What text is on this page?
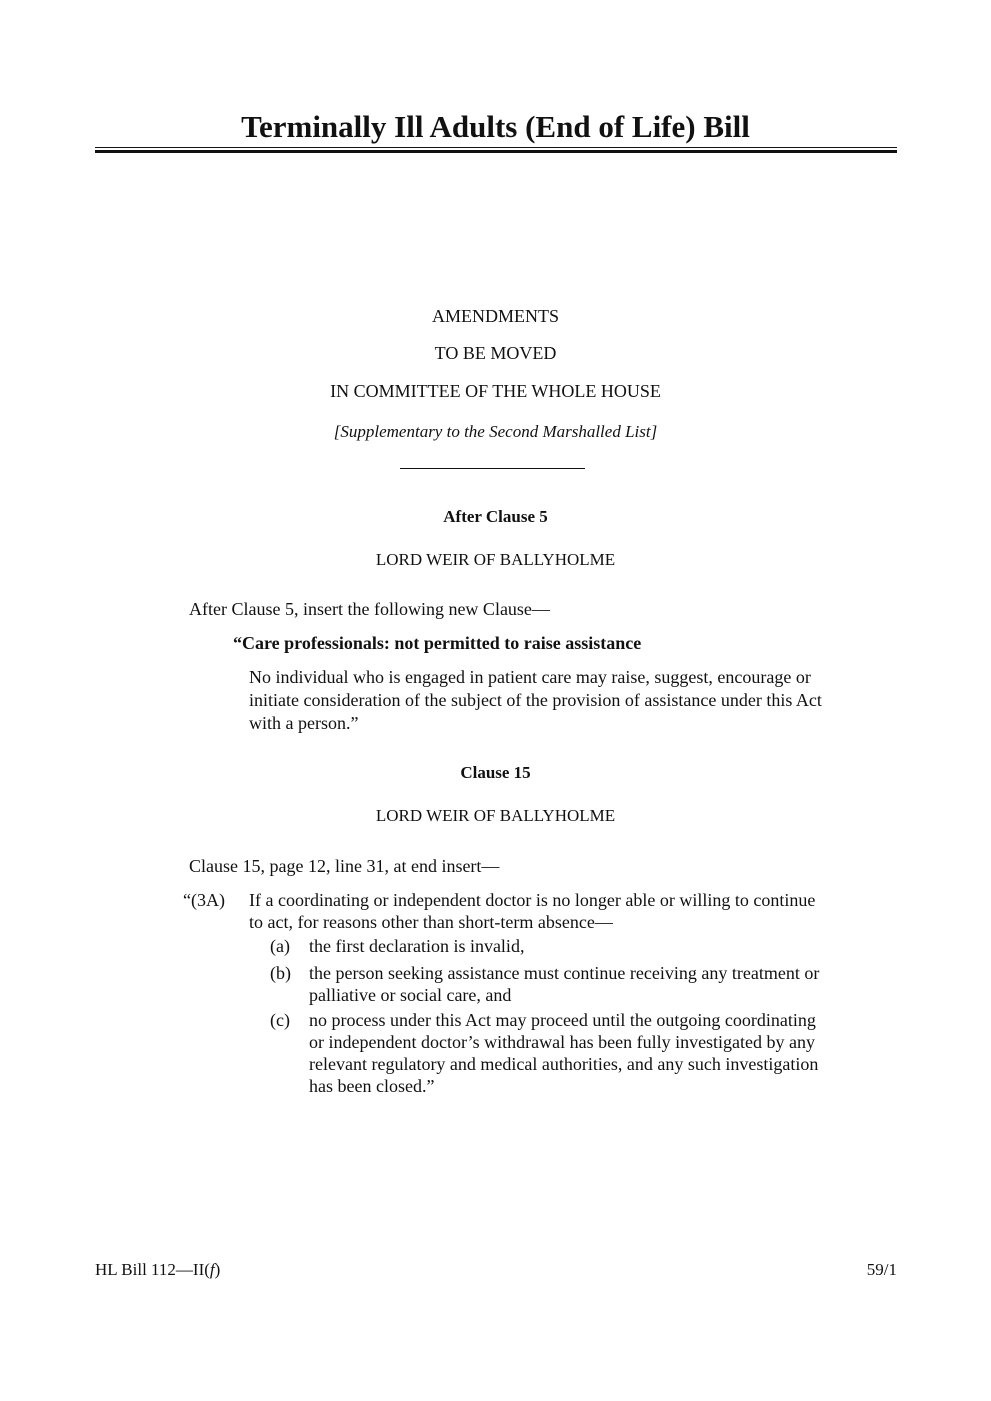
Terminally Ill Adults (End of Life) Bill
AMENDMENTS
TO BE MOVED
IN COMMITTEE OF THE WHOLE HOUSE
[Supplementary to the Second Marshalled List]
After Clause 5
LORD WEIR OF BALLYHOLME
After Clause 5, insert the following new Clause—
“Care professionals: not permitted to raise assistance
No individual who is engaged in patient care may raise, suggest, encourage or
initiate consideration of the subject of the provision of assistance under this Act
with a person.”
Clause 15
LORD WEIR OF BALLYHOLME
Clause 15, page 12, line 31, at end insert—
“(3A) If a coordinating or independent doctor is no longer able or willing to continue
to act, for reasons other than short-term absence—
(a) the first declaration is invalid,
(b) the person seeking assistance must continue receiving any treatment or
palliative or social care, and
(c) no process under this Act may proceed until the outgoing coordinating
or independent doctor’s withdrawal has been fully investigated by any
relevant regulatory and medical authorities, and any such investigation
has been closed.”
HL Bill 112—II(f)	59/1
